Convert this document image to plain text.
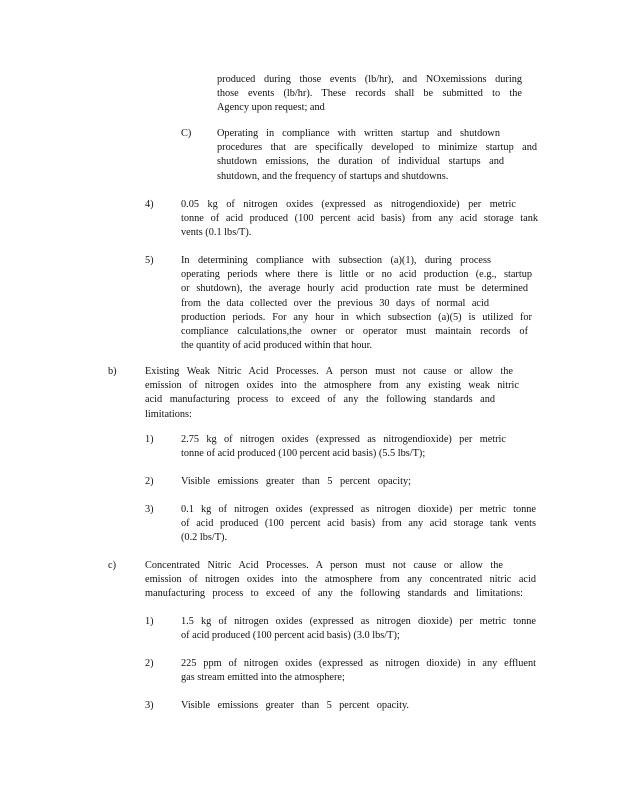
produced during those events (lb/hr), and NOxemissions during
those events (lb/hr). These records shall be submitted to the
Agency upon request; and
C) Operating in compliance with written startup and shutdown
procedures that are specifically developed to minimize startup and
shutdown emissions, the duration of individual startups and
shutdown, and the frequency of startups and shutdowns.
4)	0.05 kg of nitrogen oxides (expressed as nitrogendioxide) per metric
tonne of acid produced (100 percent acid basis) from any acid storage tank
vents (0.1 lbs/T).
5)	In determining compliance with subsection (a)(1), during process
operating periods where there is little or no acid production (e.g., startup
or shutdown), the average hourly acid production rate must be determined
from the data collected over the previous 30 days of normal acid
production periods. For any hour in which subsection (a)(5) is utilized for
compliance calculations,the owner or operator must maintain records of
the quantity of acid produced within that hour.
b)	Existing Weak Nitric Acid Processes. A person must not cause or allow the
emission of nitrogen oxides into the atmosphere from any existing weak nitric
acid manufacturing process to exceed of any the following standards and
limitations:
1)	2.75 kg of nitrogen oxides (expressed as nitrogendioxide) per metric
tonne of acid produced (100 percent acid basis) (5.5 lbs/T);
2)	Visible emissions greater than 5 percent opacity;
3)	0.1 kg of nitrogen oxides (expressed as nitrogen dioxide) per metric tonne
of acid produced (100 percent acid basis) from any acid storage tank vents
(0.2 lbs/T).
c)	Concentrated Nitric Acid Processes. A person must not cause or allow the
emission of nitrogen oxides into the atmosphere from any concentrated nitric acid
manufacturing process to exceed of any the following standards and limitations:
1)	1.5 kg of nitrogen oxides (expressed as nitrogen dioxide) per metric tonne
of acid produced (100 percent acid basis) (3.0 lbs/T);
2)	225 ppm of nitrogen oxides (expressed as nitrogen dioxide) in any effluent
gas stream emitted into the atmosphere;
3)	Visible emissions greater than 5 percent opacity.
